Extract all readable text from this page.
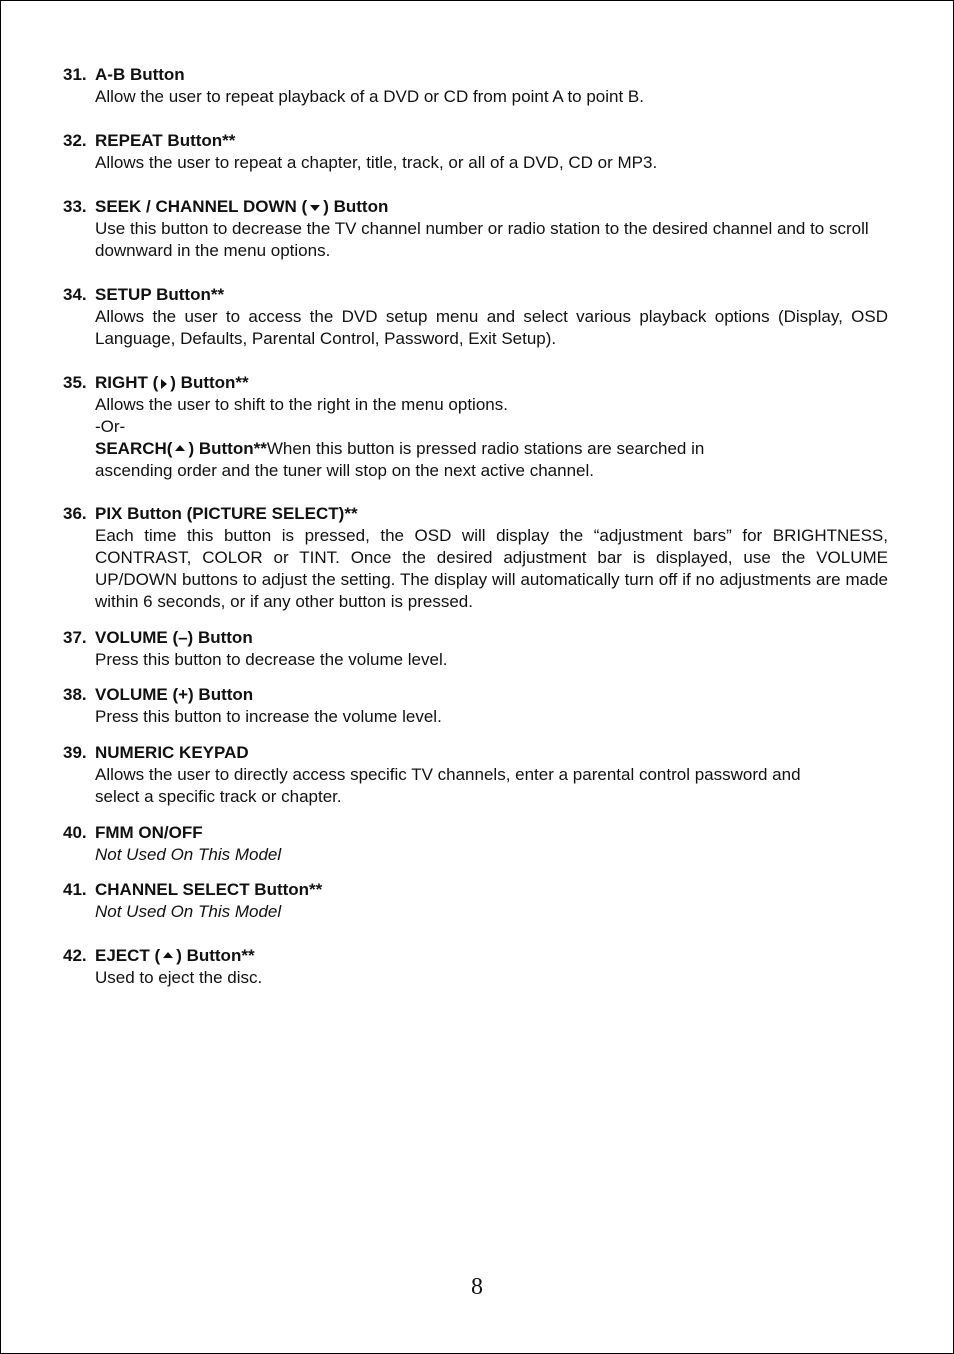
31. A-B Button
Allow the user to repeat playback of a DVD or CD from point A to point B.
32. REPEAT Button**
Allows the user to repeat a chapter, title, track, or all of a DVD, CD or MP3.
33. SEEK / CHANNEL DOWN ( ) Button
Use this button to decrease the TV channel number or radio station to the desired channel and to scroll downward in the menu options.
34. SETUP Button**
Allows the user to access the DVD setup menu and select various playback options (Display, OSD Language, Defaults, Parental Control, Password, Exit Setup).
35. RIGHT ( ) Button**
Allows the user to shift to the right in the menu options.
-Or-
SEARCH( ) Button**When this button is pressed radio stations are searched in
ascending order and the tuner will stop on the next active channel.
36. PIX Button (PICTURE SELECT)**
Each time this button is pressed, the OSD will display the “adjustment bars” for BRIGHTNESS, CONTRAST, COLOR or TINT. Once the desired adjustment bar is displayed, use the VOLUME UP/DOWN buttons to adjust the setting. The display will automatically turn off if no adjustments are made within 6 seconds, or if any other button is pressed.
37. VOLUME (–) Button
Press this button to decrease the volume level.
38. VOLUME (+) Button
Press this button to increase the volume level.
39. NUMERIC KEYPAD
Allows the user to directly access specific TV channels, enter a parental control password and
select a specific track or chapter.
40. FMM ON/OFF
Not Used On This Model
41. CHANNEL SELECT Button**
Not Used On This Model
42. EJECT ( ) Button**
Used to eject the disc.
8
